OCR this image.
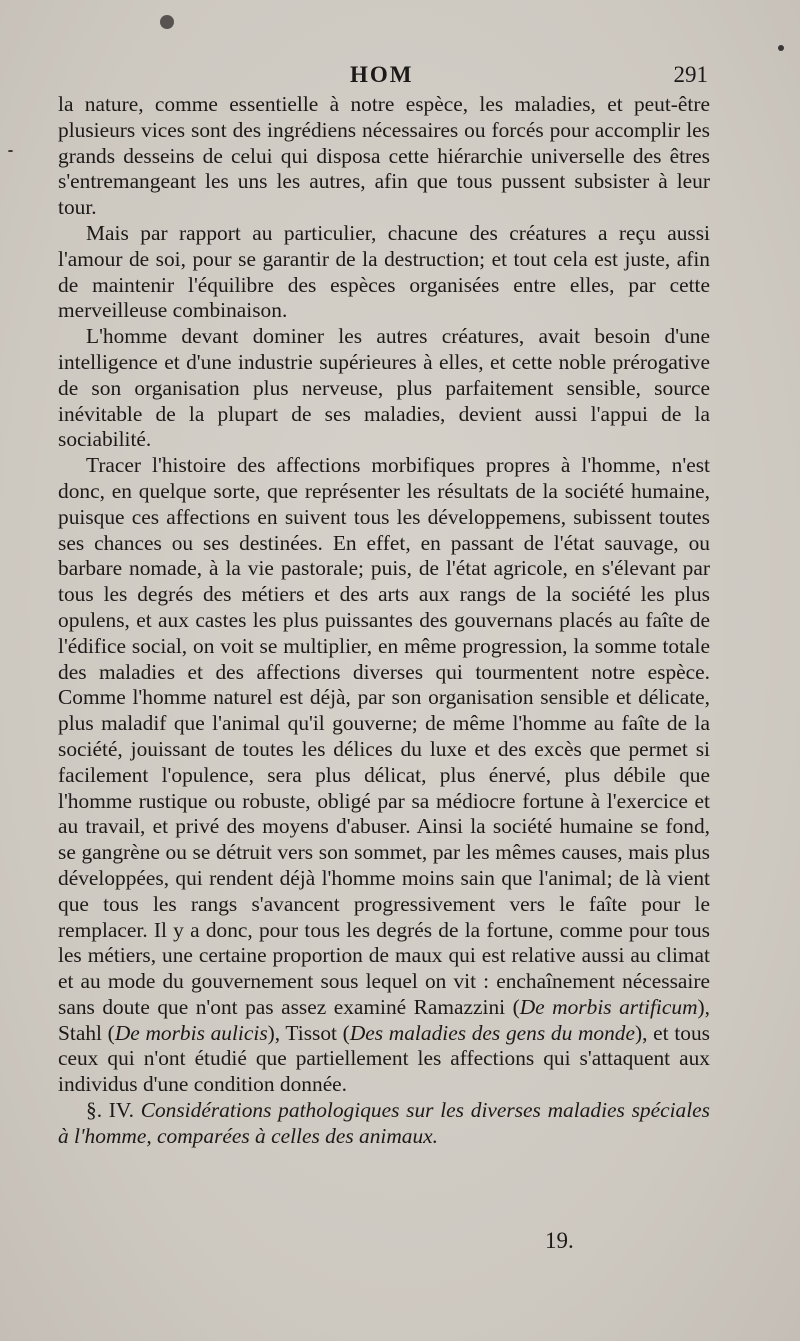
HOM	291

la nature, comme essentielle à notre espèce, les maladies, et peut-être plusieurs vices sont des ingrédiens nécessaires ou forcés pour accomplir les grands desseins de celui qui disposa cette hiérarchie universelle des êtres s'entremangeant les uns les autres, afin que tous pussent subsister à leur tour.

Mais par rapport au particulier, chacune des créatures a reçu aussi l'amour de soi, pour se garantir de la destruction; et tout cela est juste, afin de maintenir l'équilibre des espèces organisées entre elles, par cette merveilleuse combinaison.

L'homme devant dominer les autres créatures, avait besoin d'une intelligence et d'une industrie supérieures à elles, et cette noble prérogative de son organisation plus nerveuse, plus parfaitement sensible, source inévitable de la plupart de ses maladies, devient aussi l'appui de la sociabilité.

Tracer l'histoire des affections morbifiques propres à l'homme, n'est donc, en quelque sorte, que représenter les résultats de la société humaine, puisque ces affections en suivent tous les développemens, subissent toutes ses chances ou ses destinées. En effet, en passant de l'état sauvage, ou barbare nomade, à la vie pastorale; puis, de l'état agricole, en s'élevant par tous les degrés des métiers et des arts aux rangs de la société les plus opulens, et aux castes les plus puissantes des gouvernans placés au faîte de l'édifice social, on voit se multiplier, en même progression, la somme totale des maladies et des affections diverses qui tourmentent notre espèce. Comme l'homme naturel est déjà, par son organisation sensible et délicate, plus maladif que l'animal qu'il gouverne; de même l'homme au faîte de la société, jouissant de toutes les délices du luxe et des excès que permet si facilement l'opulence, sera plus délicat, plus énervé, plus débile que l'homme rustique ou robuste, obligé par sa médiocre fortune à l'exercice et au travail, et privé des moyens d'abuser. Ainsi la société humaine se fond, se gangrène ou se détruit vers son sommet, par les mêmes causes, mais plus développées, qui rendent déjà l'homme moins sain que l'animal; de là vient que tous les rangs s'avancent progressivement vers le faîte pour le remplacer. Il y a donc, pour tous les degrés de la fortune, comme pour tous les métiers, une certaine proportion de maux qui est relative aussi au climat et au mode du gouvernement sous lequel on vit : enchaînement nécessaire sans doute que n'ont pas assez examiné Ramazzini (De morbis artificum), Stahl (De morbis aulicis), Tissot (Des maladies des gens du monde), et tous ceux qui n'ont étudié que partiellement les affections qui s'attaquent aux individus d'une condition donnée.

§. IV. Considérations pathologiques sur les diverses maladies spéciales à l'homme, comparées à celles des animaux.

19.
